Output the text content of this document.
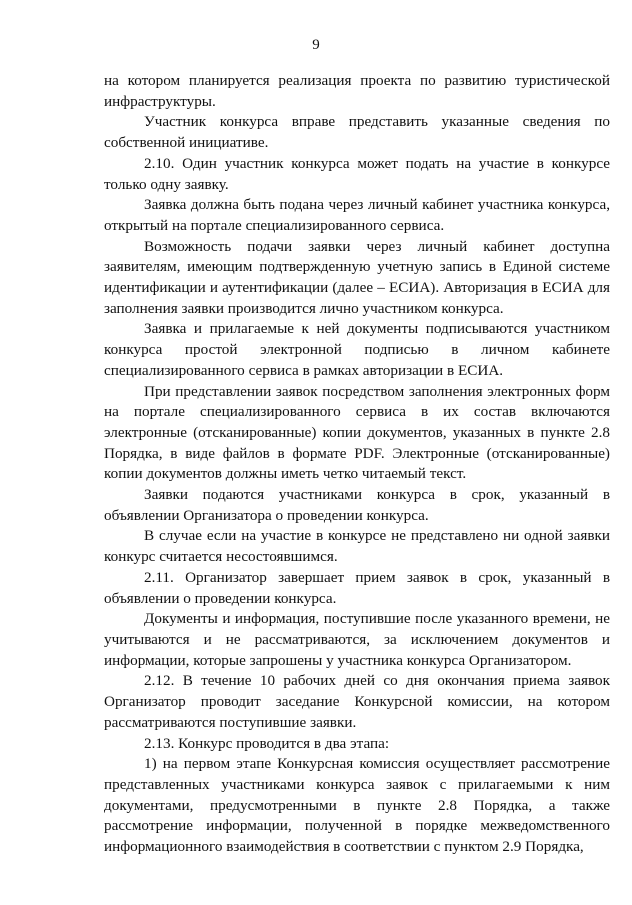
9

на котором планируется реализация проекта по развитию туристической инфраструктуры.

Участник конкурса вправе представить указанные сведения по собственной инициативе.

2.10. Один участник конкурса может подать на участие в конкурсе только одну заявку.

Заявка должна быть подана через личный кабинет участника конкурса, открытый на портале специализированного сервиса.

Возможность подачи заявки через личный кабинет доступна заявителям, имеющим подтвержденную учетную запись в Единой системе идентификации и аутентификации (далее – ЕСИА). Авторизация в ЕСИА для заполнения заявки производится лично участником конкурса.

Заявка и прилагаемые к ней документы подписываются участником конкурса простой электронной подписью в личном кабинете специализированного сервиса в рамках авторизации в ЕСИА.

При представлении заявок посредством заполнения электронных форм на портале специализированного сервиса в их состав включаются электронные (отсканированные) копии документов, указанных в пункте 2.8 Порядка, в виде файлов в формате PDF. Электронные (отсканированные) копии документов должны иметь четко читаемый текст.

Заявки подаются участниками конкурса в срок, указанный в объявлении Организатора о проведении конкурса.

В случае если на участие в конкурсе не представлено ни одной заявки конкурс считается несостоявшимся.

2.11. Организатор завершает прием заявок в срок, указанный в объявлении о проведении конкурса.

Документы и информация, поступившие после указанного времени, не учитываются и не рассматриваются, за исключением документов и информации, которые запрошены у участника конкурса Организатором.

2.12. В течение 10 рабочих дней со дня окончания приема заявок Организатор проводит заседание Конкурсной комиссии, на котором рассматриваются поступившие заявки.

2.13. Конкурс проводится в два этапа:

1) на первом этапе Конкурсная комиссия осуществляет рассмотрение представленных участниками конкурса заявок с прилагаемыми к ним документами, предусмотренными в пункте 2.8 Порядка, а также рассмотрение информации, полученной в порядке межведомственного информационного взаимодействия в соответствии с пунктом 2.9 Порядка,
